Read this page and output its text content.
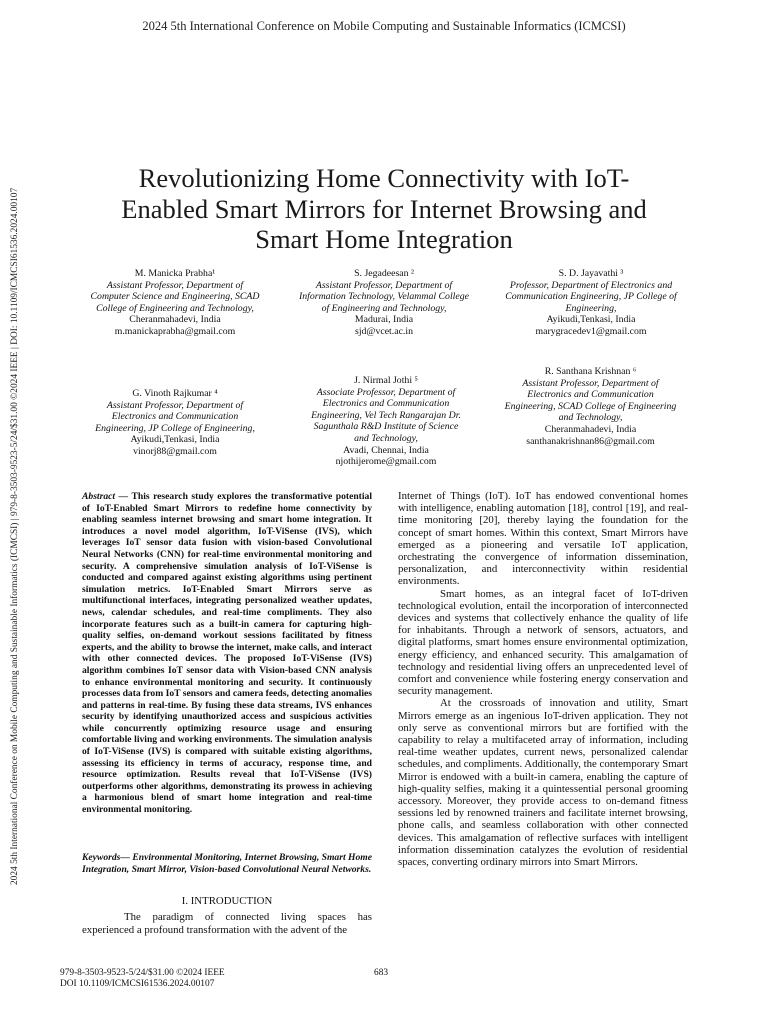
2024 5th International Conference on Mobile Computing and Sustainable Informatics (ICMCSI)
2024 5th International Conference on Mobile Computing and Sustainable Informatics (ICMCSI) | 979-8-3503-9523-5/24/$31.00 ©2024 IEEE | DOI: 10.1109/ICMCSI61536.2024.00107
Revolutionizing Home Connectivity with IoT-
Enabled Smart Mirrors for Internet Browsing and
Smart Home Integration
M. Manicka Prabha¹
Assistant Professor, Department of Computer Science and Engineering, SCAD College of Engineering and Technology,
Cheranmahadevi, India
m.manickaprabha@gmail.com
S. Jegadeesan ²
Assistant Professor, Department of Information Technology, Velammal College of Engineering and Technology,
Madurai, India
sjd@vcet.ac.in
S. D. Jayavathi ³
Professor, Department of Electronics and Communication Engineering, JP College of Engineering,
Ayikudi,Tenkasi, India
marygracedev1@gmail.com
G. Vinoth Rajkumar ⁴
Assistant Professor, Department of Electronics and Communication Engineering, JP College of Engineering,
Ayikudi,Tenkasi, India
vinorj88@gmail.com
J. Nirmal Jothi ⁵
Associate Professor, Department of Electronics and Communication Engineering, Vel Tech Rangarajan Dr. Sagunthala R&D Institute of Science and Technology,
Avadi, Chennai, India
njothijerome@gmail.com
R. Santhana Krishnan ⁶
Assistant Professor, Department of Electronics and Communication Engineering, SCAD College of Engineering and Technology,
Cheranmahadevi, India
santhanakrishnan86@gmail.com
Abstract — This research study explores the transformative potential of IoT-Enabled Smart Mirrors to redefine home connectivity by enabling seamless internet browsing and smart home integration. It introduces a novel model algorithm, IoT-ViSense (IVS), which leverages IoT sensor data fusion with vision-based Convolutional Neural Networks (CNN) for real-time environmental monitoring and security. A comprehensive simulation analysis of IoT-ViSense is conducted and compared against existing algorithms using pertinent simulation metrics. IoT-Enabled Smart Mirrors serve as multifunctional interfaces, integrating personalized weather updates, news, calendar schedules, and real-time compliments. They also incorporate features such as a built-in camera for capturing high-quality selfies, on-demand workout sessions facilitated by fitness experts, and the ability to browse the internet, make calls, and interact with other connected devices. The proposed IoT-ViSense (IVS) algorithm combines IoT sensor data with Vision-based CNN analysis to enhance environmental monitoring and security. It continuously processes data from IoT sensors and camera feeds, detecting anomalies and patterns in real-time. By fusing these data streams, IVS enhances security by identifying unauthorized access and suspicious activities while concurrently optimizing resource usage and ensuring comfortable living and working environments. The simulation analysis of IoT-ViSense (IVS) is compared with suitable existing algorithms, assessing its efficiency in terms of accuracy, response time, and resource optimization. Results reveal that IoT-ViSense (IVS) outperforms other algorithms, demonstrating its prowess in achieving a harmonious blend of smart home integration and real-time environmental monitoring.
Keywords— Environmental Monitoring, Internet Browsing, Smart Home Integration, Smart Mirror, Vision-based Convolutional Neural Networks.
I. INTRODUCTION
The paradigm of connected living spaces has experienced a profound transformation with the advent of the

Internet of Things (IoT). IoT has endowed conventional homes with intelligence, enabling automation [18], control [19], and real-time monitoring [20], thereby laying the foundation for the concept of smart homes. Within this context, Smart Mirrors have emerged as a pioneering and versatile IoT application, orchestrating the convergence of information dissemination, personalization, and interconnectivity within residential environments.

Smart homes, as an integral facet of IoT-driven technological evolution, entail the incorporation of interconnected devices and systems that collectively enhance the quality of life for inhabitants. Through a network of sensors, actuators, and digital platforms, smart homes ensure environmental optimization, energy efficiency, and enhanced security. This amalgamation of technology and residential living offers an unprecedented level of comfort and convenience while fostering energy conservation and security management.

At the crossroads of innovation and utility, Smart Mirrors emerge as an ingenious IoT-driven application. They not only serve as conventional mirrors but are fortified with the capability to relay a multifaceted array of information, including real-time weather updates, current news, personalized calendar schedules, and compliments. Additionally, the contemporary Smart Mirror is endowed with a built-in camera, enabling the capture of high-quality selfies, making it a quintessential personal grooming accessory. Moreover, they provide access to on-demand fitness sessions led by renowned trainers and facilitate internet browsing, phone calls, and seamless collaboration with other connected devices. This amalgamation of reflective surfaces with intelligent information dissemination catalyzes the evolution of residential spaces, converting ordinary mirrors into Smart Mirrors.

979-8-3503-9523-5/24/$31.00 ©2024 IEEE
DOI 10.1109/ICMCSI61536.2024.00107
683
